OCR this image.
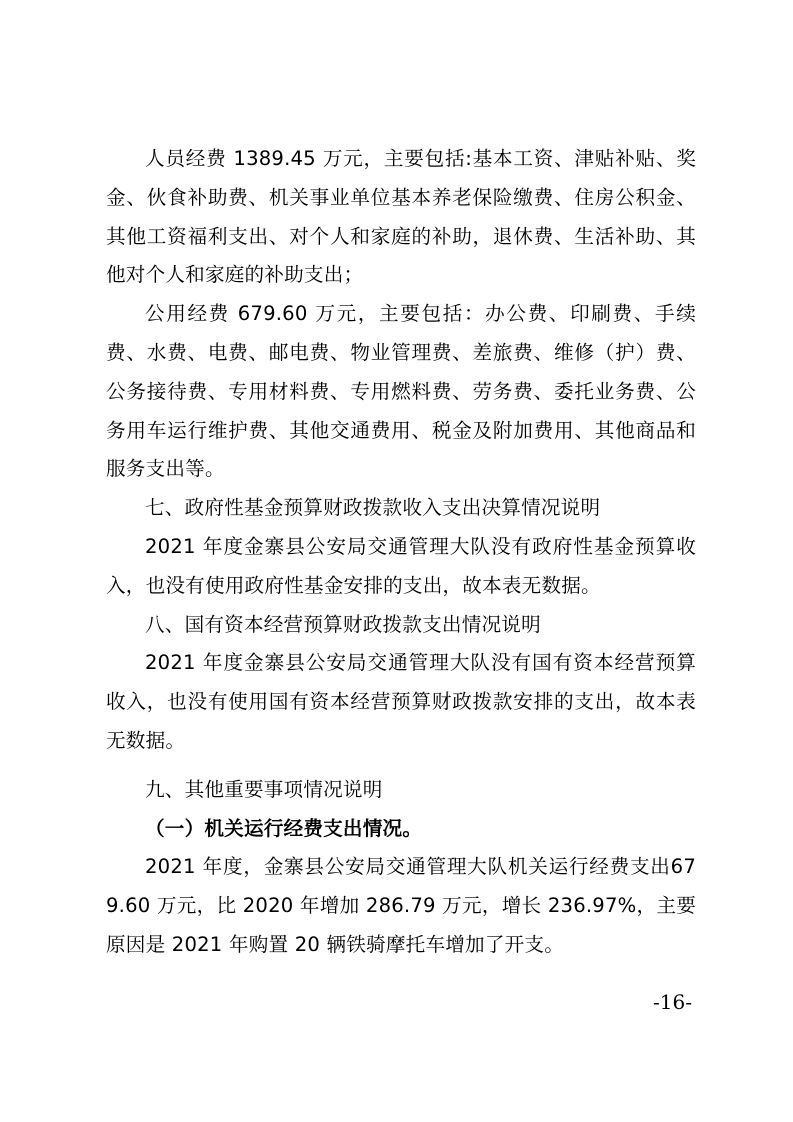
人员经费 1389.45 万元，主要包括:基本工资、津贴补贴、奖金、伙食补助费、机关事业单位基本养老保险缴费、住房公积金、其他工资福利支出、对个人和家庭的补助，退休费、生活补助、其他对个人和家庭的补助支出；

公用经费 679.60 万元，主要包括：办公费、印刷费、手续费、水费、电费、邮电费、物业管理费、差旅费、维修（护）费、公务接待费、专用材料费、专用燃料费、劳务费、委托业务费、公务用车运行维护费、其他交通费用、税金及附加费用、其他商品和服务支出等。

七、政府性基金预算财政拨款收入支出决算情况说明

2021 年度金寨县公安局交通管理大队没有政府性基金预算收入，也没有使用政府性基金安排的支出，故本表无数据。

八、国有资本经营预算财政拨款支出情况说明

2021 年度金寨县公安局交通管理大队没有国有资本经营预算收入，也没有使用国有资本经营预算财政拨款安排的支出，故本表无数据。

九、其他重要事项情况说明

（一）机关运行经费支出情况。

2021 年度，金寨县公安局交通管理大队机关运行经费支出679.60 万元，比 2020 年增加 286.79 万元，增长 236.97%，主要原因是 2021 年购置 20 辆铁骑摩托车增加了开支。

-16-
